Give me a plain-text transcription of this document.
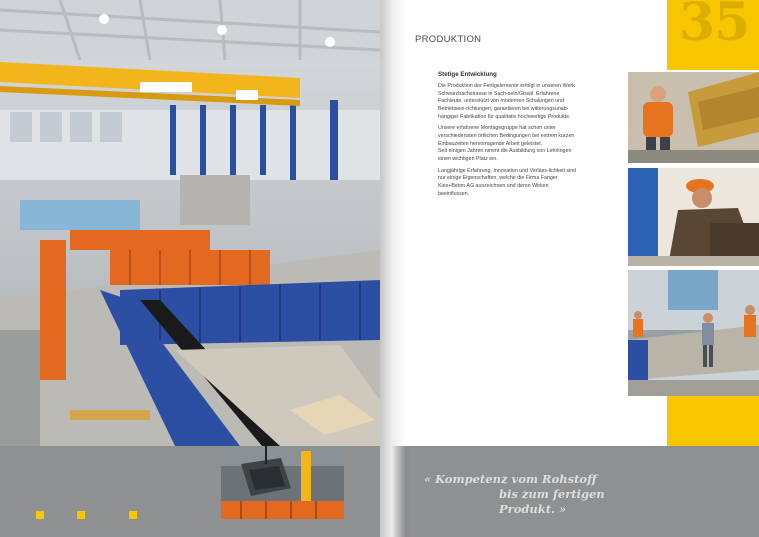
35
PRODUKTION
Stetige Entwicklung

Die Produktion der Fertigelemente erfolgt in unseren Werk Schwarzbachstrasse in Sach-seln/Giswil. Erfahrene Fachleute, unterstützt von modernen Schalungen und Betriebsein-richtungen, garantieren bei witterungsunab-hängiger Fabrikation für qualitativ hochwertige Produkte.

Unsere erfahrene Montagegruppe hat schon unter verschiedensten örtlichen Bedingungen bei extrem kurzen Einbauzeiten hervorragende Arbeit geleistet.

Seit einigen Jahren nimmt die Ausbildung von Lehrlingen einen wichtigen Platz ein.

Langjährige Erfahrung, Innovation und Verläss-lichkeit sind nur einige Eigenschaften, welche die Firma Fanger Kies+Beton AG auszeichnen und deren Wirken beeinflussen.

« Kompetenz vom Rohstoff
bis zum fertigen Produkt. »
